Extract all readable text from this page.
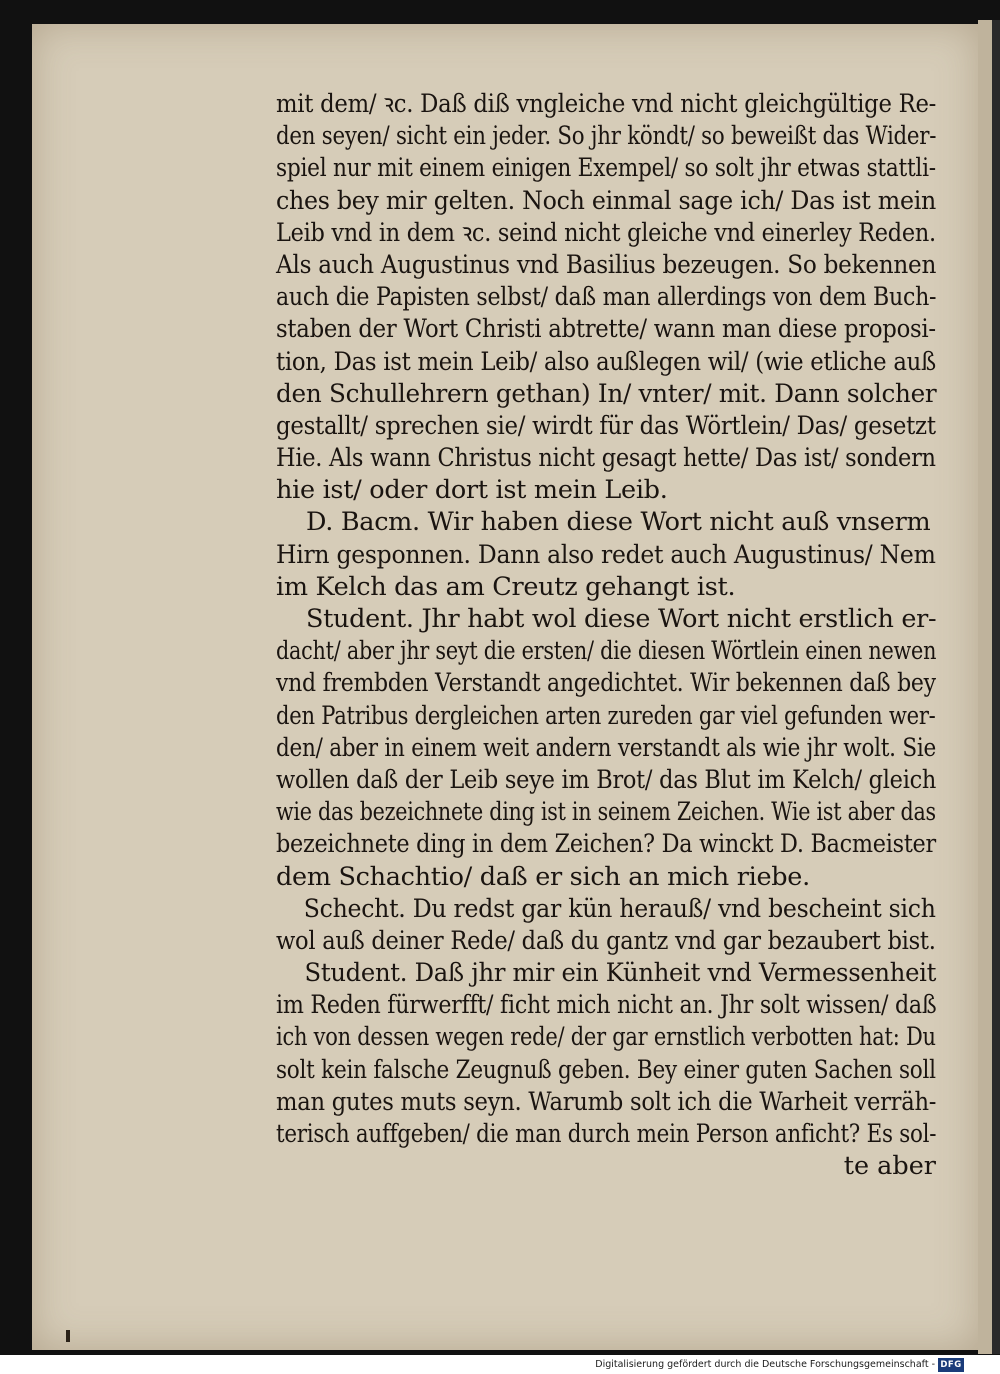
mit dem/ ꝛc. Daß diß vngleiche vnd nicht gleichgültige Re-
den seyen/ sicht ein jeder. So jhr köndt/ so beweißt das Wider-
spiel nur mit einem einigen Exempel/ so solt jhr etwas stattli-
ches bey mir gelten. Noch einmal sage ich/ Das ist mein
Leib vnd in dem ꝛc. seind nicht gleiche vnd einerley Reden.
Als auch Augustinus vnd Basilius bezeugen. So bekennen
auch die Papisten selbst/ daß man allerdings von dem Buch-
staben der Wort Christi abtrette/ wann man diese proposi-
tion, Das ist mein Leib/ also außlegen wil/ (wie etliche auß
den Schullehrern gethan) In/ vnter/ mit. Dann solcher
gestallt/ sprechen sie/ wirdt für das Wörtlein/ Das/ gesetzt
Hie. Als wann Christus nicht gesagt hette/ Das ist/ sondern
hie ist/ oder dort ist mein Leib.
D. Bacm. Wir haben diese Wort nicht auß vnserm
Hirn gesponnen. Dann also redet auch Augustinus/ Nem
im Kelch das am Creutz gehangt ist.
Student. Jhr habt wol diese Wort nicht erstlich er-
dacht/ aber jhr seyt die ersten/ die diesen Wörtlein einen newen
vnd frembden Verstandt angedichtet. Wir bekennen daß bey
den Patribus dergleichen arten zureden gar viel gefunden wer-
den/ aber in einem weit andern verstandt als wie jhr wolt. Sie
wollen daß der Leib seye im Brot/ das Blut im Kelch/ gleich
wie das bezeichnete ding ist in seinem Zeichen. Wie ist aber das
bezeichnete ding in dem Zeichen? Da winckt D. Bacmeister
dem Schachtio/ daß er sich an mich riebe.
Schecht. Du redst gar kün herauß/ vnd bescheint sich
wol auß deiner Rede/ daß du gantz vnd gar bezaubert bist.
Student. Daß jhr mir ein Künheit vnd Vermessenheit
im Reden fürwerfft/ ficht mich nicht an. Jhr solt wissen/ daß
ich von dessen wegen rede/ der gar ernstlich verbotten hat: Du
solt kein falsche Zeugnuß geben. Bey einer guten Sachen soll
man gutes muts seyn. Warumb solt ich die Warheit verräh-
terisch auffgeben/ die man durch mein Person anficht? Es sol-
te aber
Digitalisierung gefördert durch die Deutsche Forschungsgemeinschaft - DFG
